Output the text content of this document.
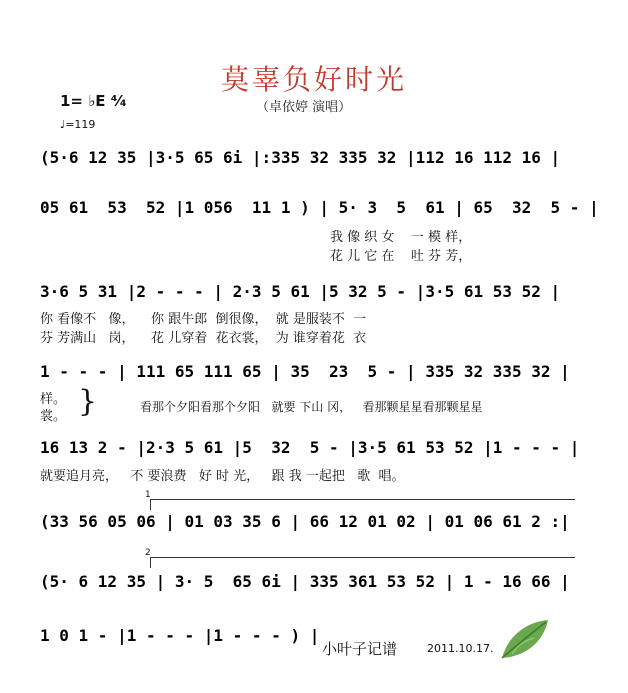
莫辜负好时光
（卓依婷 演唱）
1= ♭E ⁴⁄₄
♩=119
(5·6 12 35 |3·5 65 6i |:335 32 335 32 |112 16 112 16 |
05 61  53  52 |1 056  11 1 ) | 5· 3  5  61 | 65  32  5 - |
我 像 织 女    一 模 样，
花 儿 它 在    吐 芬 芳，
3·6 5 31 |2 - - - | 2·3 5 61 |5 32 5 - |3·5 61 53 52 |
你 看像不   像，    你 跟牛郎  倒很像，  就 是服装不  一
芬 芳满山   岗，    花 儿穿着  花衣裳，  为 谁穿着花  衣
1 - - - | 111 65 111 65 | 35  23  5 - | 335 32 335 32 |
样。
裳。 }	看那个夕阳看那个夕阳   就要 下山 冈，   看那颗星星看那颗星星
16 13 2 - |2·3 5 61 |5  32  5 - |3·5 61 53 52 |1 - - - |
就要追月亮，   不 要浪费   好 时 光，   跟 我 一起把   歌  唱。
1
(33 56 05 06 | 01 03 35 6 | 66 12 01 02 | 01 06 61 2 :|
2
(5· 6 12 35 | 3· 5  65 6i | 335 361 53 52 | 1 - 16 66 |
1 0 1 - |1 - - - |1 - - - ) |
小叶子记谱	2011.10.17.
